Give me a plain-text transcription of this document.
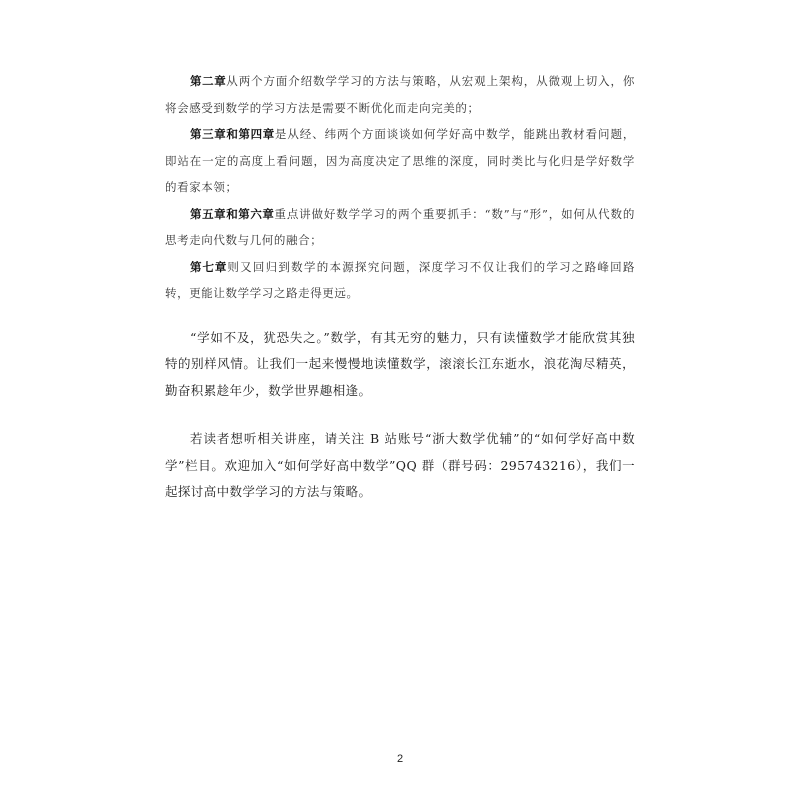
第二章从两个方面介绍数学学习的方法与策略，从宏观上架构，从微观上切入，你将会感受到数学的学习方法是需要不断优化而走向完美的；

第三章和第四章是从经、纬两个方面谈谈如何学好高中数学，能跳出教材看问题，即站在一定的高度上看问题，因为高度决定了思维的深度，同时类比与化归是学好数学的看家本领；

第五章和第六章重点讲做好数学学习的两个重要抓手：“数”与“形”，如何从代数的思考走向代数与几何的融合；

第七章则又回归到数学的本源探究问题，深度学习不仅让我们的学习之路峰回路转，更能让数学学习之路走得更远。

“学如不及，犹恐失之。”数学，有其无穷的魅力，只有读懂数学才能欣赏其独特的别样风情。让我们一起来慢慢地读懂数学，滚滚长江东逝水，浪花淘尽精英，勤奋积累趁年少，数学世界趣相逢。

若读者想听相关讲座，请关注 B 站账号“浙大数学优辅”的“如何学好高中数学”栏目。欢迎加入“如何学好高中数学”QQ 群（群号码：295743216），我们一起探讨高中数学学习的方法与策略。

2
